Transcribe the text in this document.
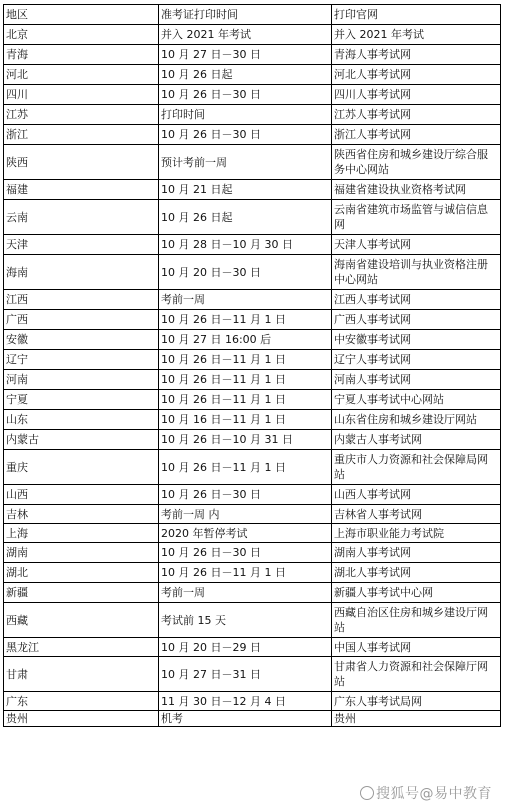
地区	准考证打印时间	打印官网
北京	并入 2021 年考试	并入 2021 年考试
青海	10 月 27 日－30 日	青海人事考试网
河北	10 月 26 日起	河北人事考试网
四川	10 月 26 日－30 日	四川人事考试网
江苏	打印时间	江苏人事考试网
浙江	10 月 26 日－30 日	浙江人事考试网
陕西	预计考前一周	陕西省住房和城乡建设厅综合服务中心网站
福建	10 月 21 日起	福建省建设执业资格考试网
云南	10 月 26 日起	云南省建筑市场监管与诚信信息网
天津	10 月 28 日－10 月 30 日	天津人事考试网
海南	10 月 20 日－30 日	海南省建设培训与执业资格注册中心网站
江西	考前一周	江西人事考试网
广西	10 月 26 日－11 月 1 日	广西人事考试网
安徽	10 月 27 日 16:00 后	中安徽事考试网
辽宁	10 月 26 日－11 月 1 日	辽宁人事考试网
河南	10 月 26 日－11 月 1 日	河南人事考试网
宁夏	10 月 26 日－11 月 1 日	宁夏人事考试中心网站
山东	10 月 16 日－11 月 1 日	山东省住房和城乡建设厅网站
内蒙古	10 月 26 日－10 月 31 日	内蒙古人事考试网
重庆	10 月 26 日－11 月 1 日	重庆市人力资源和社会保障局网站
山西	10 月 26 日－30 日	山西人事考试网
吉林	考前一周 内	吉林省人事考试网
上海	2020 年暂停考试	上海市职业能力考试院
湖南	10 月 26 日－30 日	湖南人事考试网
湖北	10 月 26 日－11 月 1 日	湖北人事考试网
新疆	考前一周	新疆人事考试中心网
西藏	考试前 15 天	西藏自治区住房和城乡建设厅网站
黑龙江	10 月 20 日－29 日	中国人事考试网
甘肃	10 月 27 日－31 日	甘肃省人力资源和社会保障厅网站
广东	11 月 30 日－12 月 4 日	广东人事考试局网
贵州	机考	贵州
搜狐号@易中教育
